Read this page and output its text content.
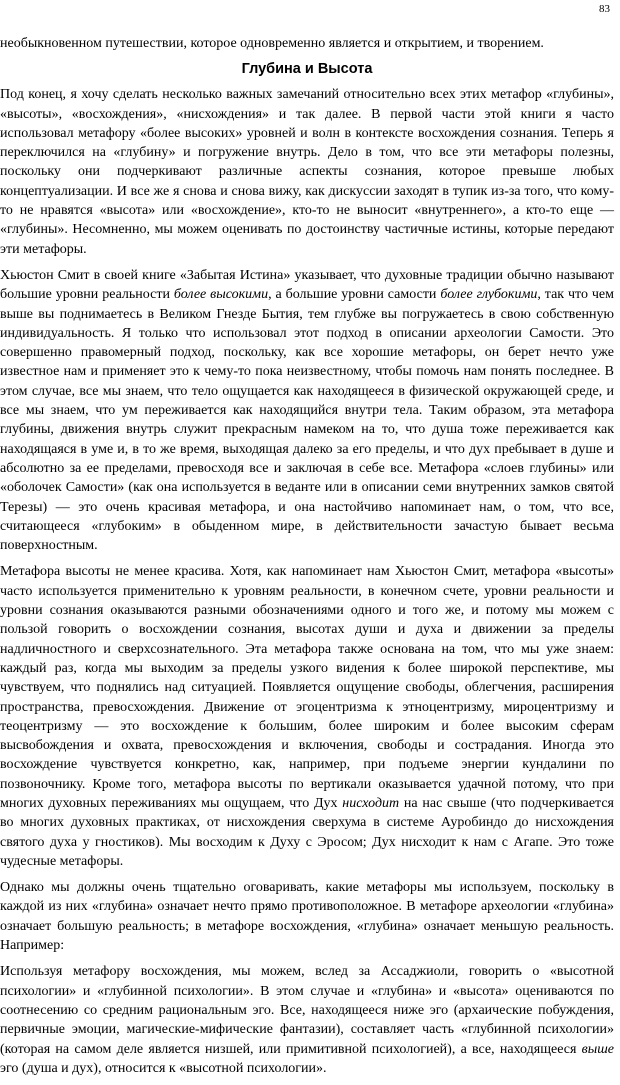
83

необыкновенном путешествии, которое одновременно является и открытием, и творением.

Глубина и Высота

Под конец, я хочу сделать несколько важных замечаний относительно всех этих метафор «глубины», «высоты», «восхождения», «нисхождения» и так далее. В первой части этой книги я часто использовал метафору «более высоких» уровней и волн в контексте восхождения сознания. Теперь я переключился на «глубину» и погружение внутрь. Дело в том, что все эти метафоры полезны, поскольку они подчеркивают различные аспекты сознания, которое превыше любых концептуализации. И все же я снова и снова вижу, как дискуссии заходят в тупик из-за того, что кому-то не нравятся «высота» или «восхождение», кто-то не выносит «внутреннего», а кто-то еще — «глубины». Несомненно, мы можем оценивать по достоинству частичные истины, которые передают эти метафоры.

Хьюстон Смит в своей книге «Забытая Истина» указывает, что духовные традиции обычно называют большие уровни реальности более высокими, а большие уровни самости более глубокими, так что чем выше вы поднимаетесь в Великом Гнезде Бытия, тем глубже вы погружаетесь в свою собственную индивидуальность. Я только что использовал этот подход в описании археологии Самости. Это совершенно правомерный подход, поскольку, как все хорошие метафоры, он берет нечто уже известное нам и применяет это к чему-то пока неизвестному, чтобы помочь нам понять последнее. В этом случае, все мы знаем, что тело ощущается как находящееся в физической окружающей среде, и все мы знаем, что ум переживается как находящийся внутри тела. Таким образом, эта метафора глубины, движения внутрь служит прекрасным намеком на то, что душа тоже переживается как находящаяся в уме и, в то же время, выходящая далеко за его пределы, и что дух пребывает в душе и абсолютно за ее пределами, превосходя все и заключая в себе все. Метафора «слоев глубины» или «оболочек Самости» (как она используется в веданте или в описании семи внутренних замков святой Терезы) — это очень красивая метафора, и она настойчиво напоминает нам, о том, что все, считающееся «глубоким» в обыденном мире, в действительности зачастую бывает весьма поверхностным.

Метафора высоты не менее красива. Хотя, как напоминает нам Хьюстон Смит, метафора «высоты» часто используется применительно к уровням реальности, в конечном счете, уровни реальности и уровни сознания оказываются разными обозначениями одного и того же, и потому мы можем с пользой говорить о восхождении сознания, высотах души и духа и движении за пределы надличностного и сверхсознательного. Эта метафора также основана на том, что мы уже знаем: каждый раз, когда мы выходим за пределы узкого видения к более широкой перспективе, мы чувствуем, что поднялись над ситуацией. Появляется ощущение свободы, облегчения, расширения пространства, превосхождения. Движение от эгоцентризма к этноцентризму, мироцентризму и теоцентризму — это восхождение к большим, более широким и более высоким сферам высвобождения и охвата, превосхождения и включения, свободы и сострадания. Иногда это восхождение чувствуется конкретно, как, например, при подъеме энергии кундалини по позвоночнику. Кроме того, метафора высоты по вертикали оказывается удачной потому, что при многих духовных переживаниях мы ощущаем, что Дух нисходит на нас свыше (что подчеркивается во многих духовных практиках, от нисхождения сверхума в системе Ауробиндо до нисхождения святого духа у гностиков). Мы восходим к Духу с Эросом; Дух нисходит к нам с Агапе. Это тоже чудесные метафоры.

Однако мы должны очень тщательно оговаривать, какие метафоры мы используем, поскольку в каждой из них «глубина» означает нечто прямо противоположное. В метафоре археологии «глубина» означает большую реальность; в метафоре восхождения, «глубина» означает меньшую реальность. Например:

Используя метафору восхождения, мы можем, вслед за Ассаджиоли, говорить о «высотной психологии» и «глубинной психологии». В этом случае и «глубина» и «высота» оцениваются по соотнесению со средним рациональным эго. Все, находящееся ниже эго (архаические побуждения, первичные эмоции, магические-мифические фантазии), составляет часть «глубинной психологии» (которая на самом деле является низшей, или примитивной психологией), а все, находящееся выше эго (душа и дух), относится к «высотной психологии».
